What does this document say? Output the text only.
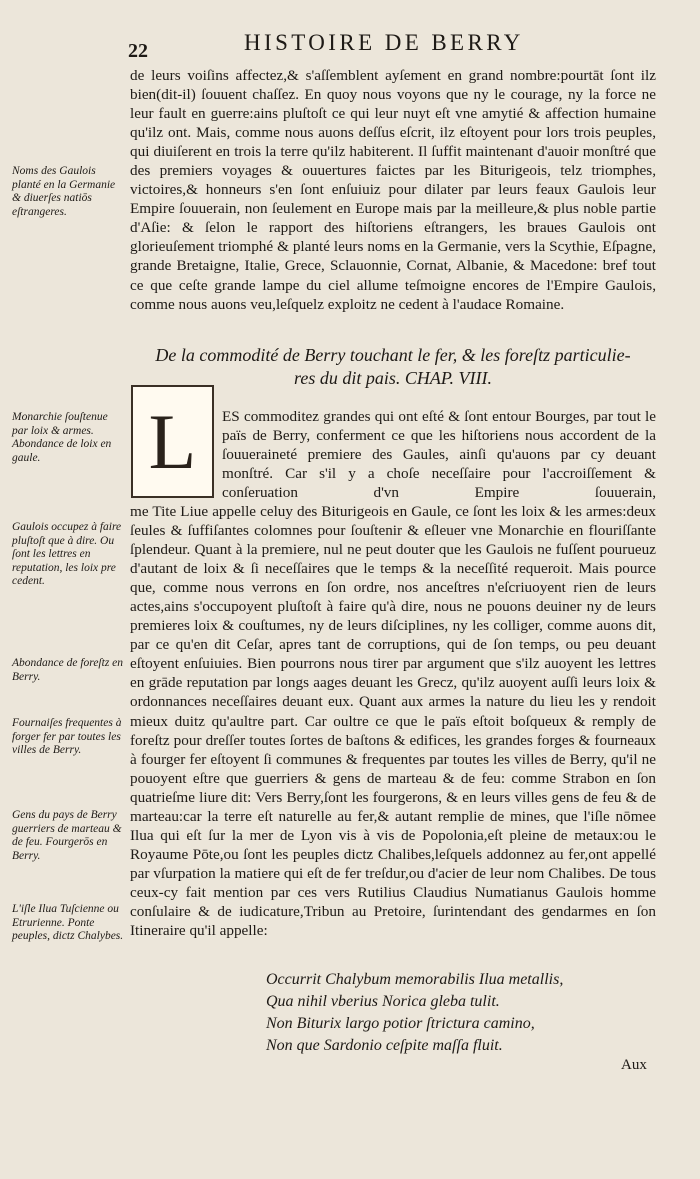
22	HISTOIRE DE BERRY

de leurs voiſins affectez,& s'aſſemblent ayſement en grand nombre:pourtāt ſont ilz bien(dit-il) ſouuent chaſſez. En quoy nous voyons que ny le courage, ny la force ne leur fault en guerre:ains pluſtoſt ce qui leur nuyt eſt vne amytié & affection humaine qu'ilz ont. Mais, comme nous auons deſſus eſcrit, ilz eſtoyent pour lors trois peuples, qui diuiſerent en trois la terre qu'ilz habiterent. Il ſuffit maintenant d'auoir monſtré que des premiers voyages & ouuertures faictes par les Biturigeois, telz triomphes, victoires,& honneurs s'en ſont enſuiuiz pour dilater par leurs feaux Gaulois leur Empire ſouuerain, non ſeulement en Europe mais par la meilleure,& plus noble partie d'Aſie: & ſelon le rapport des hiſtoriens eſtrangers, les braues Gaulois ont glorieuſement triomphé & planté leurs noms en la Germanie, vers la Scythie, Eſpagne, grande Bretaigne, Italie, Grece, Sclauonnie, Cornat, Albanie, & Macedone: bref tout ce que ceſte grande lampe du ciel allume teſmoigne encores de l'Empire Gaulois, comme nous auons veu,leſquelz exploitz ne cedent à l'audace Romaine.

Noms des Gaulois planté en la Germanie & diuerſes natiōs eſtrangeres.

De la commodité de Berry touchant le fer, & les foreſtz particulie-

res du dit pais. CHAP. VIII.

L ES commoditez grandes qui ont eſté & ſont entour Bourges, par tout le païs de Berry, conferment ce que les hiſtoriens nous accordent de la ſouueraineté premiere des Gaules, ainſi qu'auons par cy deuant monſtré. Car s'il y a choſe neceſſaire pour l'accroiſſement & conſeruation d'vn Empire ſouuerain,

me Tite Liue appelle celuy des Biturigeois en Gaule, ce ſont les loix & les armes:deux ſeules & ſuffiſantes colomnes pour ſouſtenir & eſleuer vne Monarchie en flouriſſante ſplendeur. Quant à la premiere, nul ne peut douter que les Gaulois ne fuſſent pourueuz d'autant de loix & ſi neceſſaires que le temps & la neceſſité requeroit. Mais pource que, comme nous verrons en ſon ordre, nos anceſtres n'eſcriuoyent rien de leurs actes,ains s'occupoyent pluſtoſt à faire qu'à dire, nous ne pouons deuiner ny de leurs premieres loix & couſtumes, ny de leurs diſciplines, ny les colliger, comme auons dit, par ce qu'en dit Ceſar, apres tant de corruptions, qui de ſon temps, ou peu deuant eſtoyent enſuiuies. Bien pourrons nous tirer par argument que s'ilz auoyent les lettres en grāde reputation par longs aages deuant les Grecz, qu'ilz auoyent auſſi leurs loix & ordonnances neceſſaires deuant eux. Quant aux armes la nature du lieu les y rendoit mieux duitz qu'aultre part. Car oultre ce que le païs eſtoit boſqueux & remply de foreſtz pour dreſſer toutes ſortes de baſtons & edifices, les grandes forges & fourneaux à fourger fer eſtoyent ſi communes & frequentes par toutes les villes de Berry, qu'il ne pouoyent eſtre que guerriers & gens de marteau & de feu: comme Strabon en ſon quatrieſme liure dit: Vers Berry,ſont les fourgerons, & en leurs villes gens de feu & de marteau:car la terre eſt naturelle au fer,& autant remplie de mines, que l'iſle nōmee Ilua qui eſt ſur la mer de Lyon vis à vis de Popolonia,eſt pleine de metaux:ou le Royaume Pōte,ou ſont les peuples dictz Chalibes,leſquels addonnez au fer,ont appellé par vſurpation la matiere qui eſt de fer treſdur,ou d'acier de leur nom Chalibes. De tous ceux-cy fait mention par ces vers Rutilius Claudius Numatianus Gaulois homme conſulaire & de iudicature,Tribun au Pretoire, ſurintendant des gendarmes en ſon Itineraire qu'il appelle:

Monarchie ſouſtenue par loix & armes. Abondance de loix en gaule.

Gaulois occupez à faire pluſtoſt que à dire. Ou ſont les lettres en reputation, les loix pre cedent.

Abondance de foreſtz en Berry.

Fournaiſes frequentes à forger fer par toutes les villes de Berry.

Gens du pays de Berry guerriers de marteau & de feu. Fourgerōs en Berry.

L'iſle Ilua Tuſcienne ou Etrurienne. Ponte peuples, dictz Chalybes.

Occurrit Chalybum memorabilis Ilua metallis,
Qua nihil vberius Norica gleba tulit.
Non Biturix largo potior ſtrictura camino,
Non que Sardonio ceſpite maſſa fluit.
Aux
